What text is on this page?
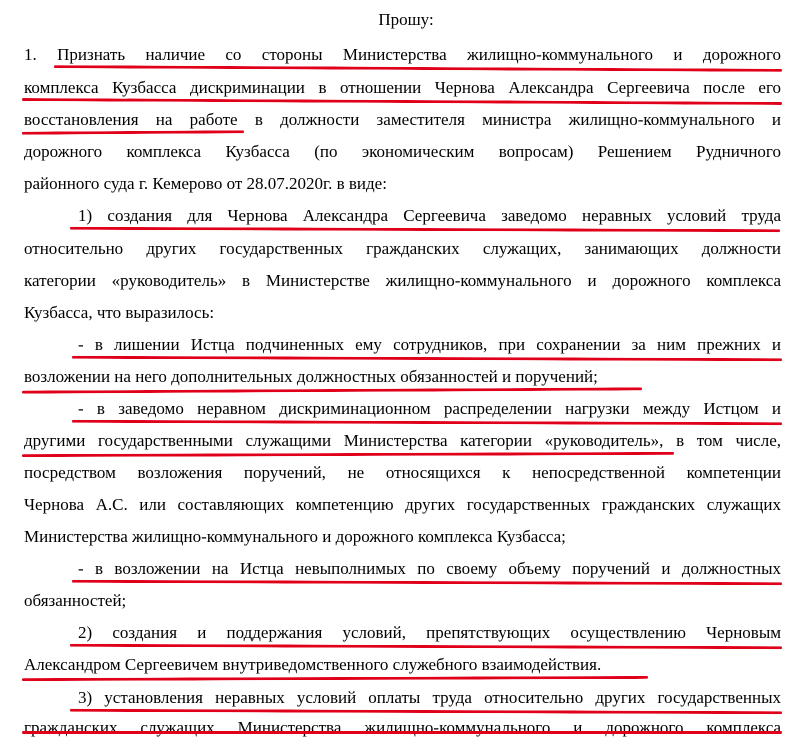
Прошу:
1. Признать наличие со стороны Министерства жилищно-коммунального и дорожного
комплекса Кузбасса дискриминации в отношении Чернова Александра Сергеевича после его
восстановления на работе в должности заместителя министра жилищно-коммунального и
дорожного комплекса Кузбасса (по экономическим вопросам) Решением Рудничного
районного суда г. Кемерово от 28.07.2020г. в виде:
1) создания для Чернова Александра Сергеевича заведомо неравных условий труда
относительно других государственных гражданских служащих, занимающих должности
категории «руководитель» в Министерстве жилищно-коммунального и дорожного комплекса
Кузбасса, что выразилось:
- в лишении Истца подчиненных ему сотрудников, при сохранении за ним прежних и
возложении на него дополнительных должностных обязанностей и поручений;
- в заведомо неравном дискриминационном распределении нагрузки между Истцом и
другими государственными служащими Министерства категории «руководитель», в том числе,
посредством возложения поручений, не относящихся к непосредственной компетенции
Чернова А.С. или составляющих компетенцию других государственных гражданских служащих
Министерства жилищно-коммунального и дорожного комплекса Кузбасса;
- в возложении на Истца невыполнимых по своему объему поручений и должностных
обязанностей;
2) создания и поддержания условий, препятствующих осуществлению Черновым
Александром Сергеевичем внутриведомственного служебного взаимодействия.
3) установления неравных условий оплаты труда относительно других государственных
гражданских служащих Министерства жилищно-коммунального и дорожного комплекса
